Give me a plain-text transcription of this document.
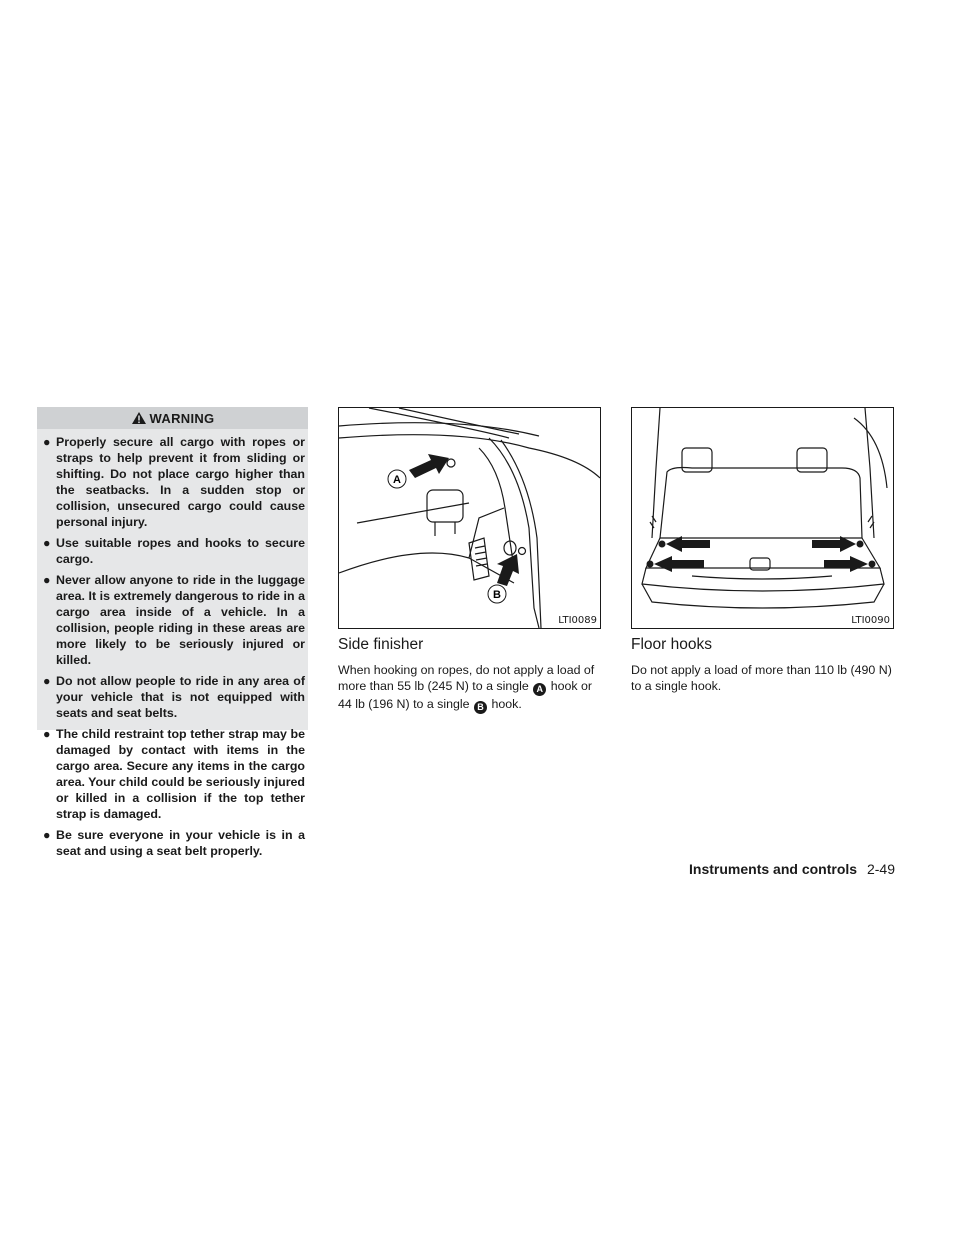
WARNING
● Properly secure all cargo with ropes or straps to help prevent it from sliding or shifting. Do not place cargo higher than the seatbacks. In a sudden stop or collision, unsecured cargo could cause personal injury.
● Use suitable ropes and hooks to secure cargo.
● Never allow anyone to ride in the luggage area. It is extremely dangerous to ride in a cargo area inside of a vehicle. In a collision, people riding in these areas are more likely to be seriously injured or killed.
● Do not allow people to ride in any area of your vehicle that is not equipped with seats and seat belts.
● The child restraint top tether strap may be damaged by contact with items in the cargo area. Secure any items in the cargo area. Your child could be seriously injured or killed in a collision if the top tether strap is damaged.
● Be sure everyone in your vehicle is in a seat and using a seat belt properly.
A
B
LTI0089
Side finisher
When hooking on ropes, do not apply a load of more than 55 lb (245 N) to a single A hook or 44 lb (196 N) to a single B hook.
LTI0090
Floor hooks
Do not apply a load of more than 110 lb (490 N) to a single hook.
Instruments and controls 2-49
